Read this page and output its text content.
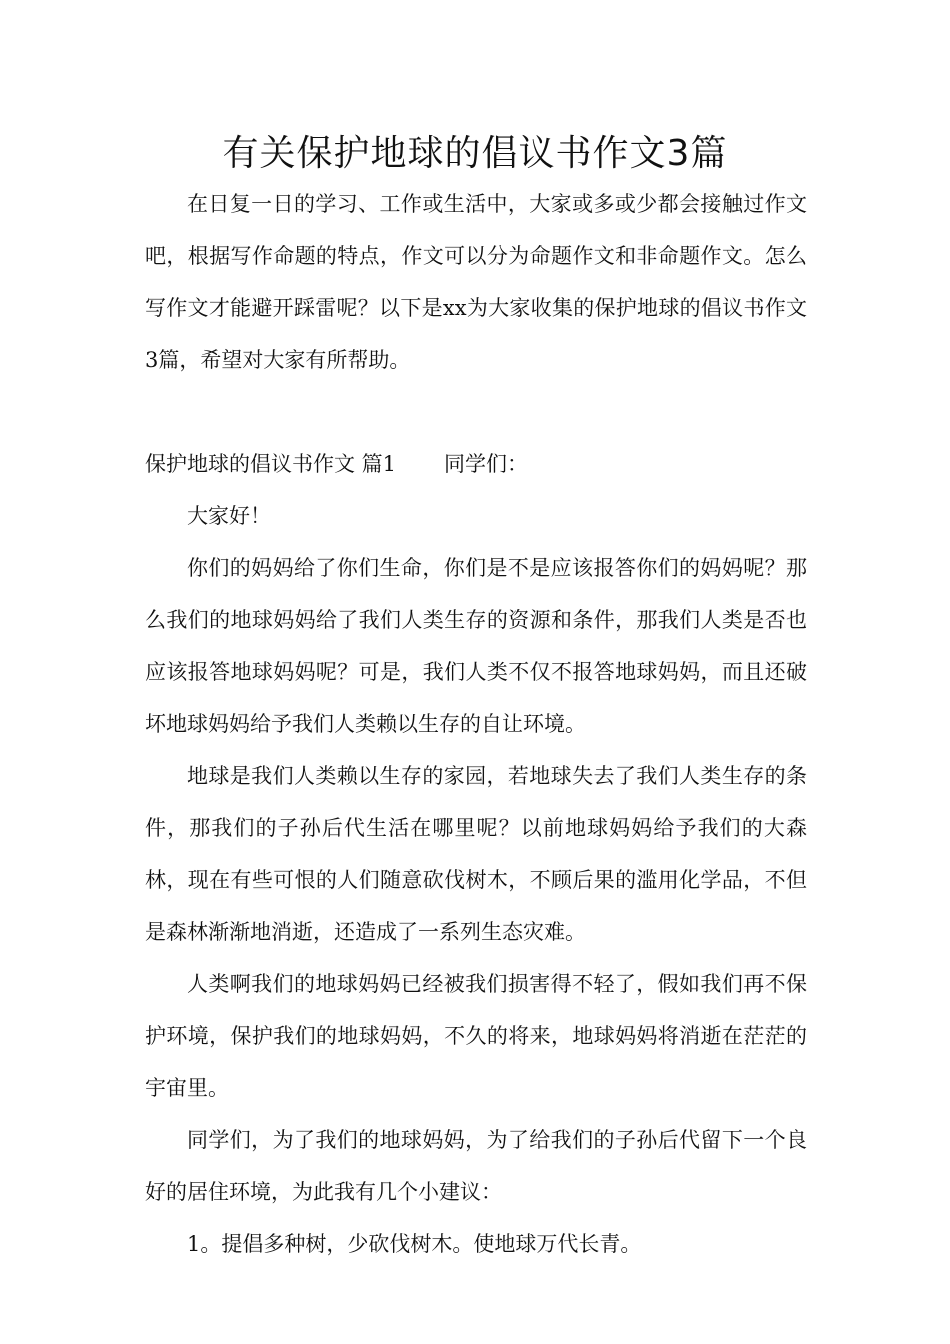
有关保护地球的倡议书作文3篇

在日复一日的学习、工作或生活中，大家或多或少都会接触过作文吧，根据写作命题的特点，作文可以分为命题作文和非命题作文。怎么写作文才能避开踩雷呢？以下是xx为大家收集的保护地球的倡议书作文3篇，希望对大家有所帮助。

保护地球的倡议书作文 篇1 同学们：

大家好！

你们的妈妈给了你们生命，你们是不是应该报答你们的妈妈呢？那么我们的地球妈妈给了我们人类生存的资源和条件，那我们人类是否也应该报答地球妈妈呢？可是，我们人类不仅不报答地球妈妈，而且还破坏地球妈妈给予我们人类赖以生存的自让环境。

地球是我们人类赖以生存的家园，若地球失去了我们人类生存的条件，那我们的子孙后代生活在哪里呢？以前地球妈妈给予我们的大森林，现在有些可恨的人们随意砍伐树木，不顾后果的滥用化学品，不但是森林渐渐地消逝，还造成了一系列生态灾难。

人类啊我们的地球妈妈已经被我们损害得不轻了，假如我们再不保护环境，保护我们的地球妈妈，不久的将来，地球妈妈将消逝在茫茫的宇宙里。

同学们，为了我们的地球妈妈，为了给我们的子孙后代留下一个良好的居住环境，为此我有几个小建议：

1。提倡多种树，少砍伐树木。使地球万代长青。
